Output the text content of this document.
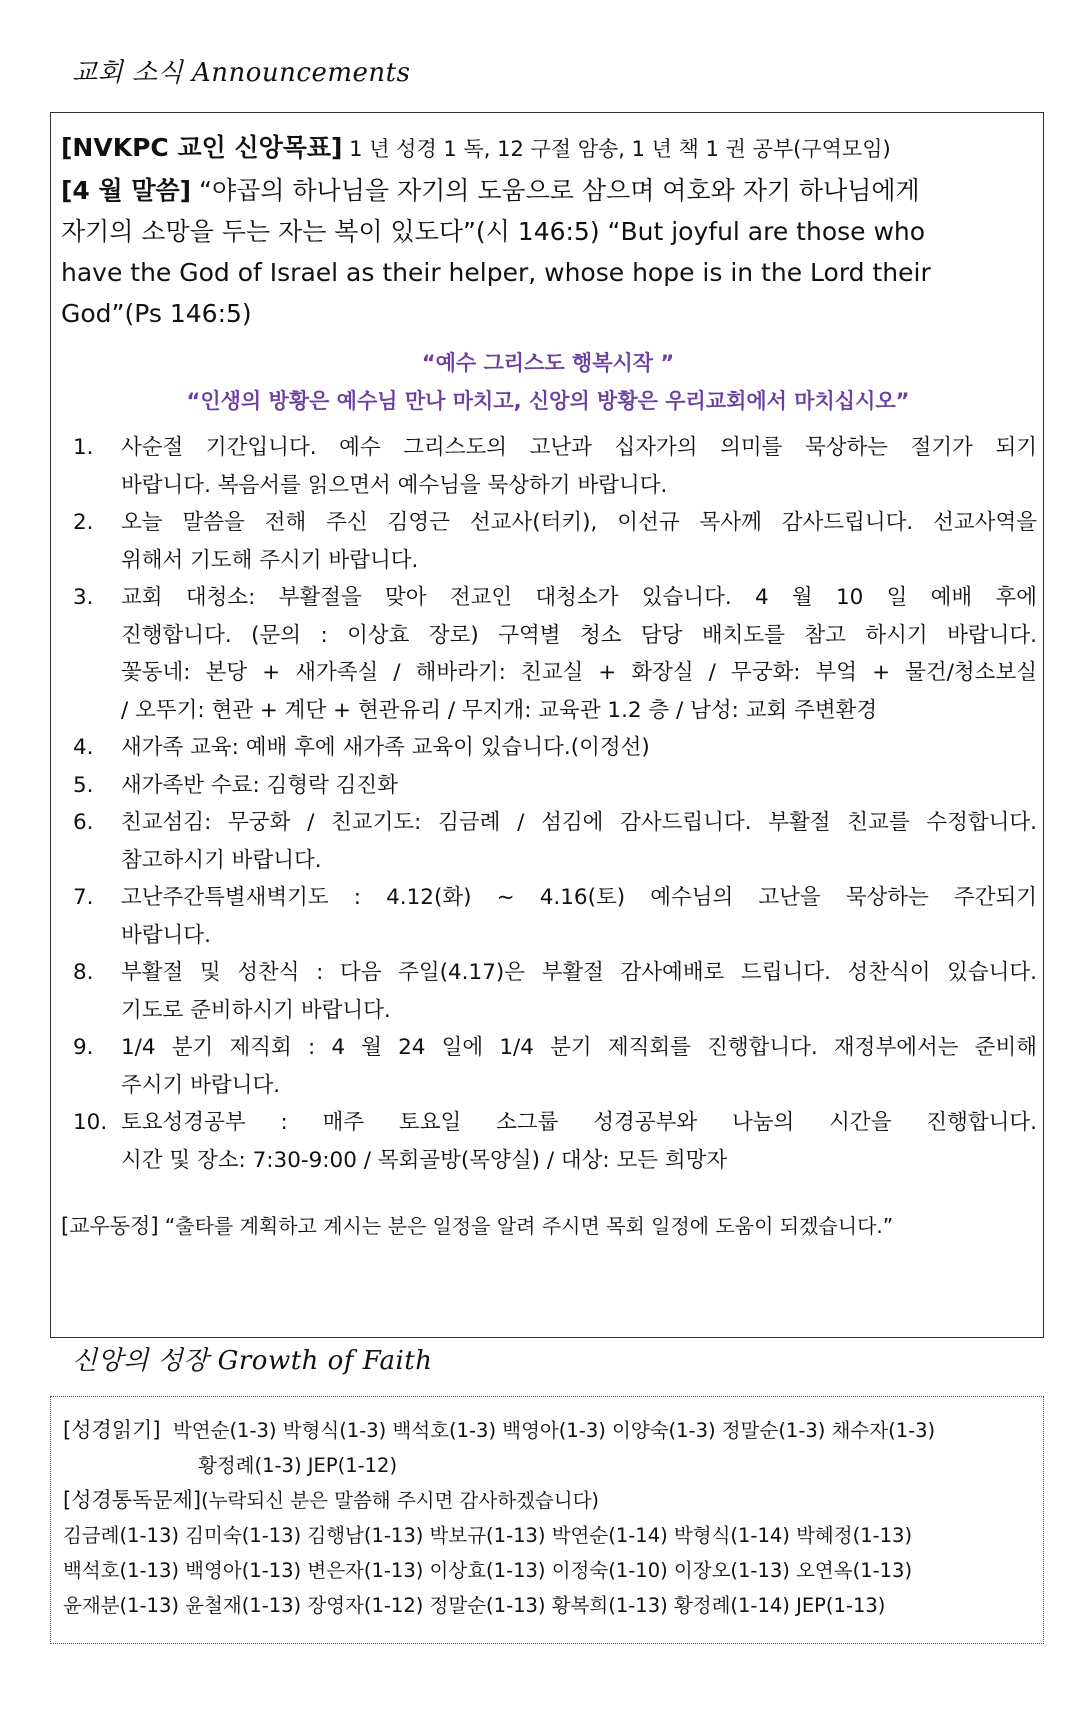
교회 소식 Announcements
[NVKPC 교인 신앙목표] 1 년 성경 1 독, 12 구절 암송, 1 년 책 1 권 공부(구역모임)
[4 월 말씀] “야곱의 하나님을 자기의 도움으로 삼으며 여호와 자기 하나님에게
자기의 소망을 두는 자는 복이 있도다”(시 146:5) “But joyful are those who
have the God of Israel as their helper, whose hope is in the Lord their
God”(Ps 146:5)
“예수 그리스도 행복시작 ”
“인생의 방황은 예수님 만나 마치고, 신앙의 방황은 우리교회에서 마치십시오”
1. 사순절 기간입니다. 예수 그리스도의 고난과 십자가의 의미를 묵상하는 절기가 되기
바랍니다. 복음서를 읽으면서 예수님을 묵상하기 바랍니다.
2. 오늘 말씀을 전해 주신 김영근 선교사(터키), 이선규 목사께 감사드립니다. 선교사역을
위해서 기도해 주시기 바랍니다.
3. 교회 대청소: 부활절을 맞아 전교인 대청소가 있습니다. 4 월 10 일 예배 후에
진행합니다. (문의 : 이상효 장로) 구역별 청소 담당 배치도를 참고 하시기 바랍니다.
꽃동네: 본당 + 새가족실 / 해바라기: 친교실 + 화장실 / 무궁화: 부엌 + 물건/청소보실
/ 오뚜기: 현관 + 계단 + 현관유리 / 무지개: 교육관 1.2 층 / 남성: 교회 주변환경
4. 새가족 교육: 예배 후에 새가족 교육이 있습니다.(이정선)
5. 새가족반 수료: 김형락 김진화
6. 친교섬김: 무궁화 / 친교기도: 김금례 / 섬김에 감사드립니다. 부활절 친교를 수정합니다.
참고하시기 바랍니다.
7. 고난주간특별새벽기도 : 4.12(화) ~ 4.16(토) 예수님의 고난을 묵상하는 주간되기
바랍니다.
8. 부활절 및 성찬식 : 다음 주일(4.17)은 부활절 감사예배로 드립니다. 성찬식이 있습니다.
기도로 준비하시기 바랍니다.
9. 1/4 분기 제직회 : 4 월 24 일에 1/4 분기 제직회를 진행합니다. 재정부에서는 준비해
주시기 바랍니다.
10. 토요성경공부 : 매주 토요일 소그룹 성경공부와 나눔의 시간을 진행합니다.
시간 및 장소: 7:30-9:00 / 목회골방(목양실) / 대상: 모든 희망자
[교우동정] “출타를 계획하고 계시는 분은 일정을 알려 주시면 목회 일정에 도움이 되겠습니다.”
신앙의 성장 Growth of Faith
[성경읽기] 박연순(1-3) 박형식(1-3) 백석호(1-3) 백영아(1-3) 이양숙(1-3) 정말순(1-3) 채수자(1-3)
황정례(1-3) JEP(1-12)
[성경통독문제](누락되신 분은 말씀해 주시면 감사하겠습니다)
김금례(1-13) 김미숙(1-13) 김행남(1-13) 박보규(1-13) 박연순(1-14) 박형식(1-14) 박혜정(1-13)
백석호(1-13) 백영아(1-13) 변은자(1-13) 이상효(1-13) 이정숙(1-10) 이장오(1-13) 오연옥(1-13)
윤재분(1-13) 윤철재(1-13) 장영자(1-12) 정말순(1-13) 황복희(1-13) 황정례(1-14) JEP(1-13)
